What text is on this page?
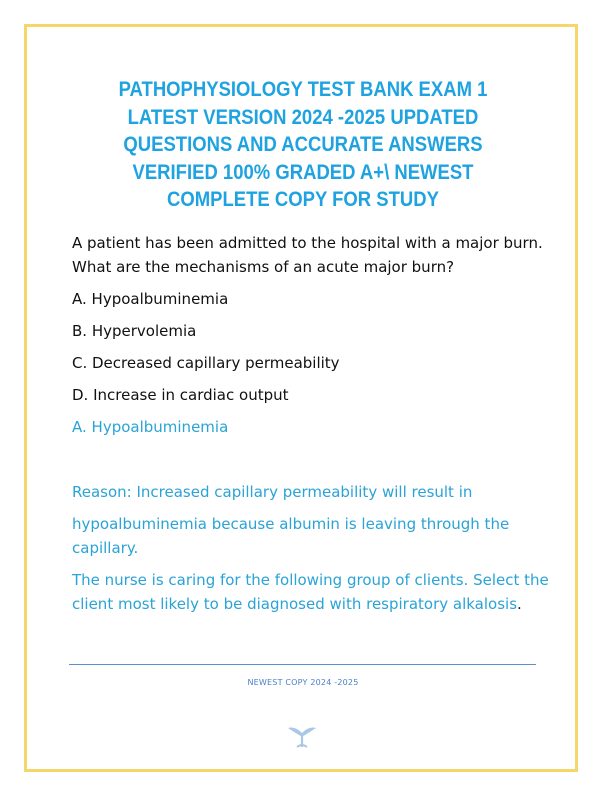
PATHOPHYSIOLOGY TEST BANK EXAM 1
LATEST VERSION 2024 -2025 UPDATED
QUESTIONS AND ACCURATE ANSWERS
VERIFIED 100% GRADED A+\ NEWEST
COMPLETE COPY FOR STUDY
A patient has been admitted to the hospital with a major burn.
What are the mechanisms of an acute major burn?
A. Hypoalbuminemia
B. Hypervolemia
C. Decreased capillary permeability
D. Increase in cardiac output
A. Hypoalbuminemia
Reason: Increased capillary permeability will result in
hypoalbuminemia because albumin is leaving through the
capillary.
The nurse is caring for the following group of clients. Select the
client most likely to be diagnosed with respiratory alkalosis.
NEWEST COPY 2024 -2025
